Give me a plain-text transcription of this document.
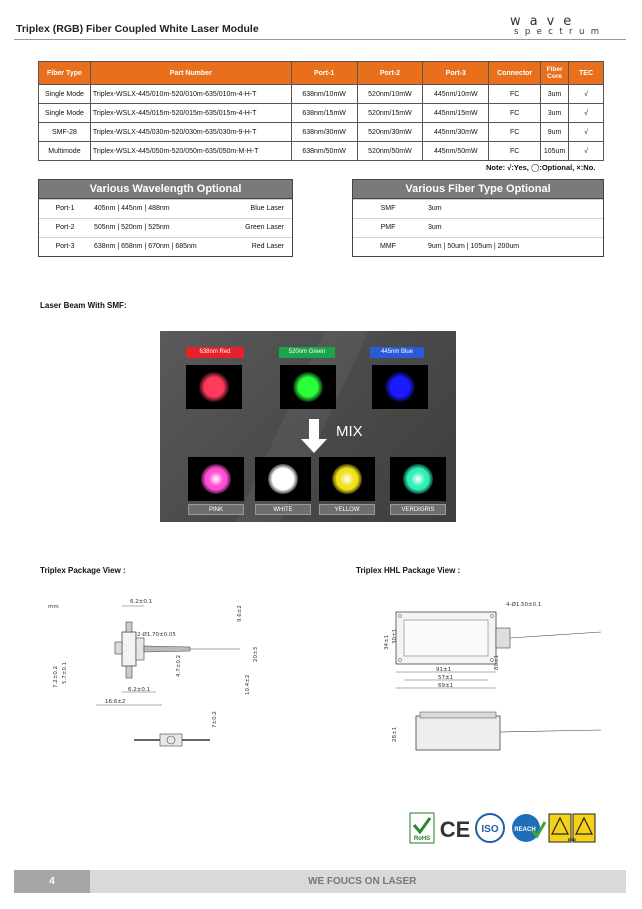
Triplex (RGB) Fiber Coupled White Laser Module	wave
spectrum
Fiber Type	Part Number	Port-1	Port-2	Port-3	Connector	Fiber Core	TEC
Single Mode	Triplex-WSLX-445/010m-520/010m-635/010m-4-H-T	638nm/10mW	520nm/10mW	445nm/10mW	FC	3um	√
Single Mode	Triplex-WSLX-445/015m-520/015m-635/015m-4-H-T	638nm/15mW	520nm/15mW	445nm/15mW	FC	3um	√
SMF-28	Triplex-WSLX-445/030m-520/030m-635/030m-9-H-T	638nm/30mW	520nm/30mW	445nm/30mW	FC	9um	√
Multimode	Triplex-WSLX-445/050m-520/050m-635/050m-M-H-T	638nm/50mW	520nm/50mW	445nm/50mW	FC	105um	√
Note: √:Yes, ◯:Optional, ×:No.
Various Wavelength Optional
Port-1	405nm | 445nm | 488nm	Blue Laser
Port-2	505nm | 520nm | 525nm	Green Laser
Port-3	638nm | 658nm | 670nm | 685nm	Red Laser
Various Fiber Type Optional
SMF	3um
PMF	3um
MMF	9um | 50um | 105um | 200um
Laser Beam With SMF:
638nm Red	520nm Green	445nm Blue
MIX
PINK	WHITE	YELLOW	VERDIGRIS
Triplex Package View :	Triplex HHL Package View :
mm
6.2±0.1
2-Ø1.70±0.05
9.6±2
20±3
4.7±0.2
7.2±0.2 5.7±0.1
6.2±0.1
16.6±2
10.4±2
7±0.2
4-Ø1.50±0.1
34±1 30±1
80±1
91±1
57±1
69±1
28±1
RoHS CE ISO	REACH
ESD
4	WE FOUCS ON LASER
